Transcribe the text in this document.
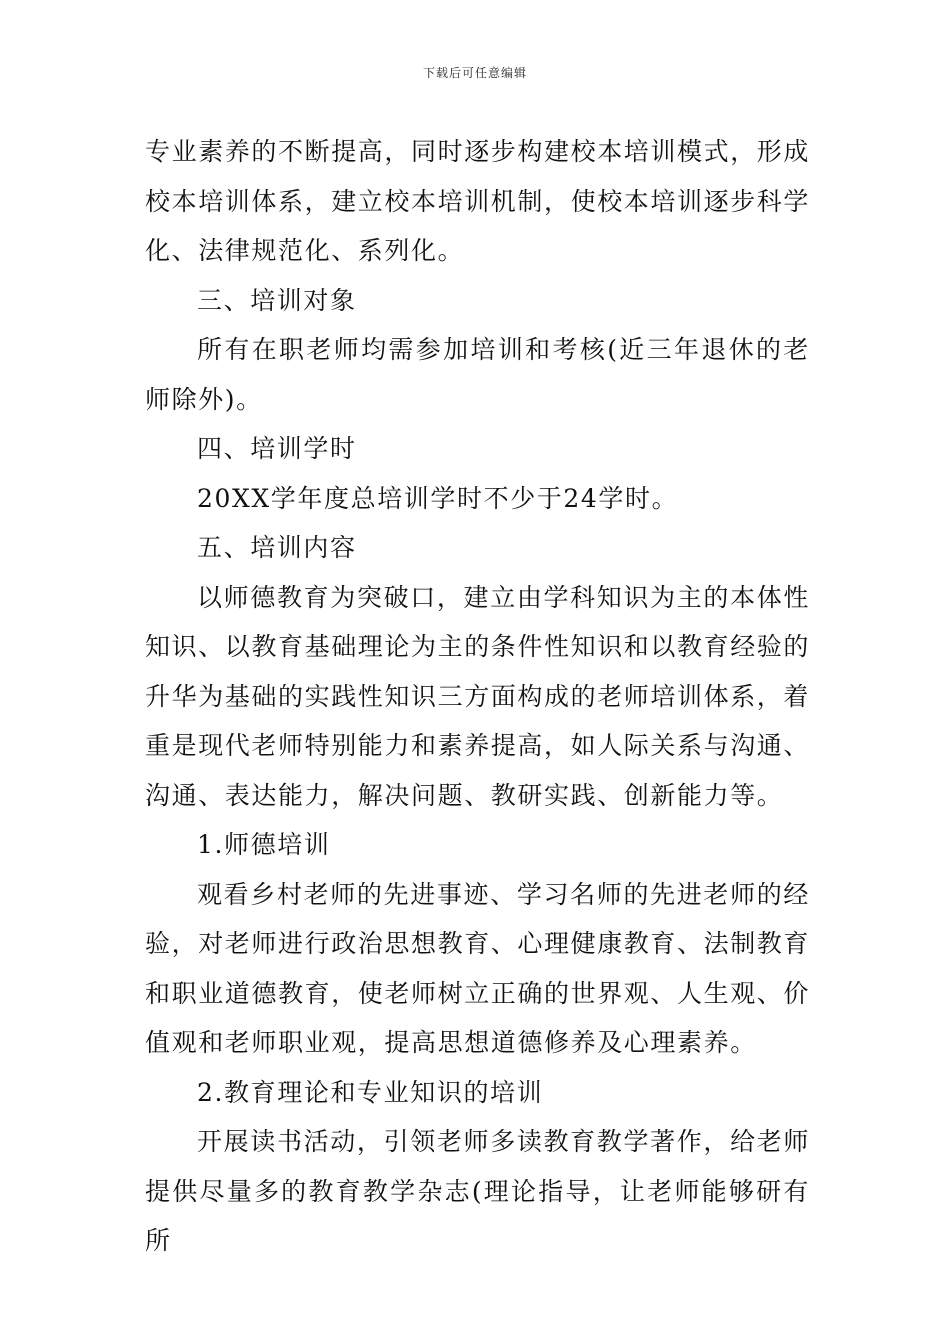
下载后可任意编辑

专业素养的不断提高，同时逐步构建校本培训模式，形成校本培训体系，建立校本培训机制，使校本培训逐步科学化、法律规范化、系列化。

三、培训对象

所有在职老师均需参加培训和考核(近三年退休的老师除外)。

四、培训学时

20XX学年度总培训学时不少于24学时。

五、培训内容

以师德教育为突破口，建立由学科知识为主的本体性知识、以教育基础理论为主的条件性知识和以教育经验的升华为基础的实践性知识三方面构成的老师培训体系，着重是现代老师特别能力和素养提高，如人际关系与沟通、沟通、表达能力，解决问题、教研实践、创新能力等。

1.师德培训

观看乡村老师的先进事迹、学习名师的先进老师的经验，对老师进行政治思想教育、心理健康教育、法制教育和职业道德教育，使老师树立正确的世界观、人生观、价值观和老师职业观，提高思想道德修养及心理素养。

2.教育理论和专业知识的培训

开展读书活动，引领老师多读教育教学著作，给老师提供尽量多的教育教学杂志(理论指导，让老师能够研有所
